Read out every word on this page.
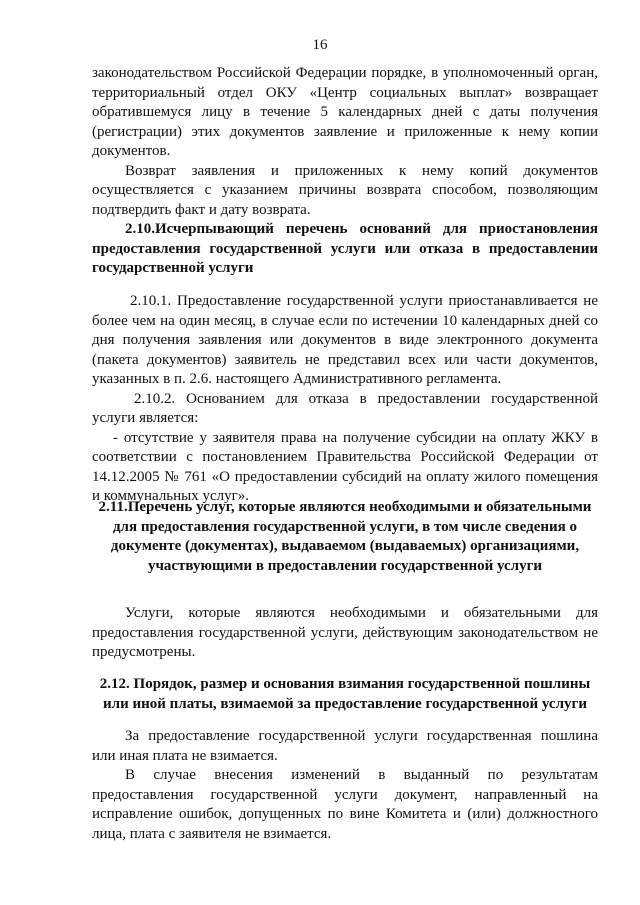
16

законодательством Российской Федерации порядке, в уполномоченный орган, территориальный отдел ОКУ «Центр социальных выплат» возвращает обратившемуся лицу в течение 5 календарных дней с даты получения (регистрации) этих документов заявление и приложенные к нему копии документов.

Возврат заявления и приложенных к нему копий документов осуществляется с указанием причины возврата способом, позволяющим подтвердить факт и дату возврата.

2.10.Исчерпывающий перечень оснований для приостановления предоставления государственной услуги или отказа в предоставлении государственной услуги

2.10.1. Предоставление государственной услуги приостанавливается не более чем на один месяц, в случае если по истечении 10 календарных дней со дня получения заявления или документов в виде электронного документа (пакета документов) заявитель не представил всех или части документов, указанных в п. 2.6. настоящего Административного регламента.

2.10.2. Основанием для отказа в предоставлении государственной услуги является:

- отсутствие у заявителя права на получение субсидии на оплату ЖКУ в соответствии с постановлением Правительства Российской Федерации от 14.12.2005 № 761 «О предоставлении субсидий на оплату жилого помещения и коммунальных услуг».

2.11.Перечень услуг, которые являются необходимыми и обязательными для предоставления государственной услуги, в том числе сведения о документе (документах), выдаваемом (выдаваемых) организациями, участвующими в предоставлении государственной услуги

Услуги, которые являются необходимыми и обязательными для предоставления государственной услуги, действующим законодательством не предусмотрены.

2.12. Порядок, размер и основания взимания государственной пошлины или иной платы, взимаемой за предоставление государственной услуги

За предоставление государственной услуги государственная пошлина или иная плата не взимается.

В случае внесения изменений в выданный по результатам предоставления государственной услуги документ, направленный на исправление ошибок, допущенных по вине Комитета и (или) должностного лица, плата с заявителя не взимается.
